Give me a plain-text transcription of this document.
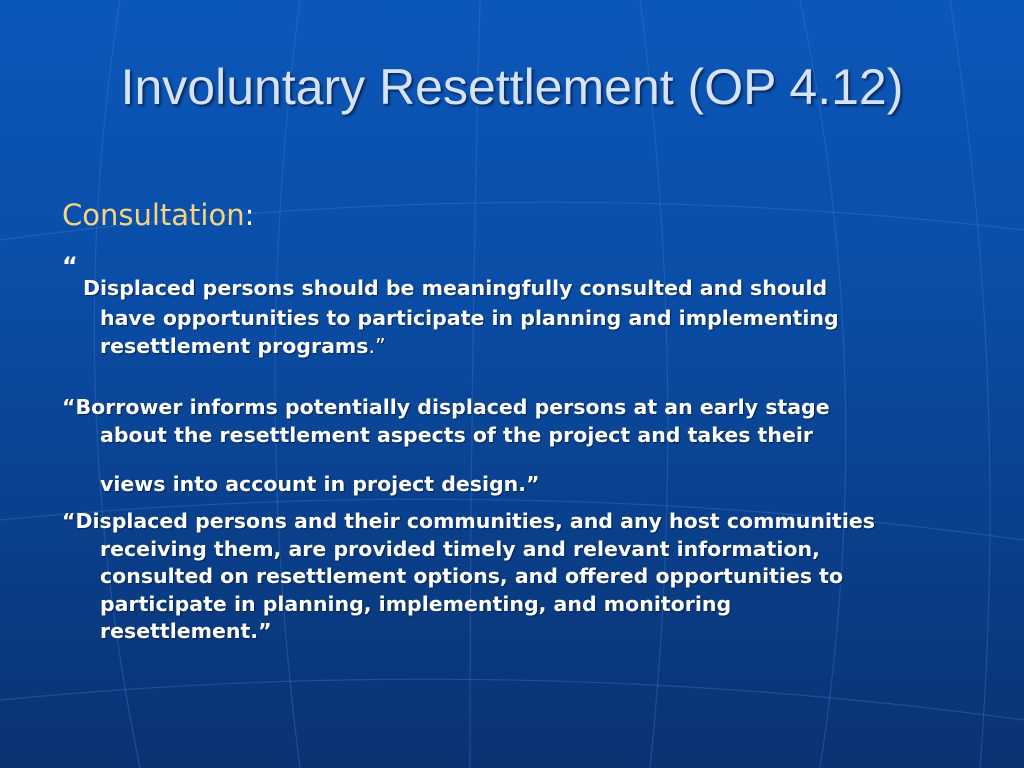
Involuntary Resettlement (OP 4.12)
Consultation:
“
Displaced persons should be meaningfully consulted and should
have opportunities to participate in planning and implementing
resettlement programs.”
“Borrower informs potentially displaced persons at an early stage
about the resettlement aspects of the project and takes their
views into account in project design.”
“Displaced persons and their communities, and any host communities
receiving them, are provided timely and relevant information,
consulted on resettlement options, and offered opportunities to
participate in planning, implementing, and monitoring
resettlement.”
